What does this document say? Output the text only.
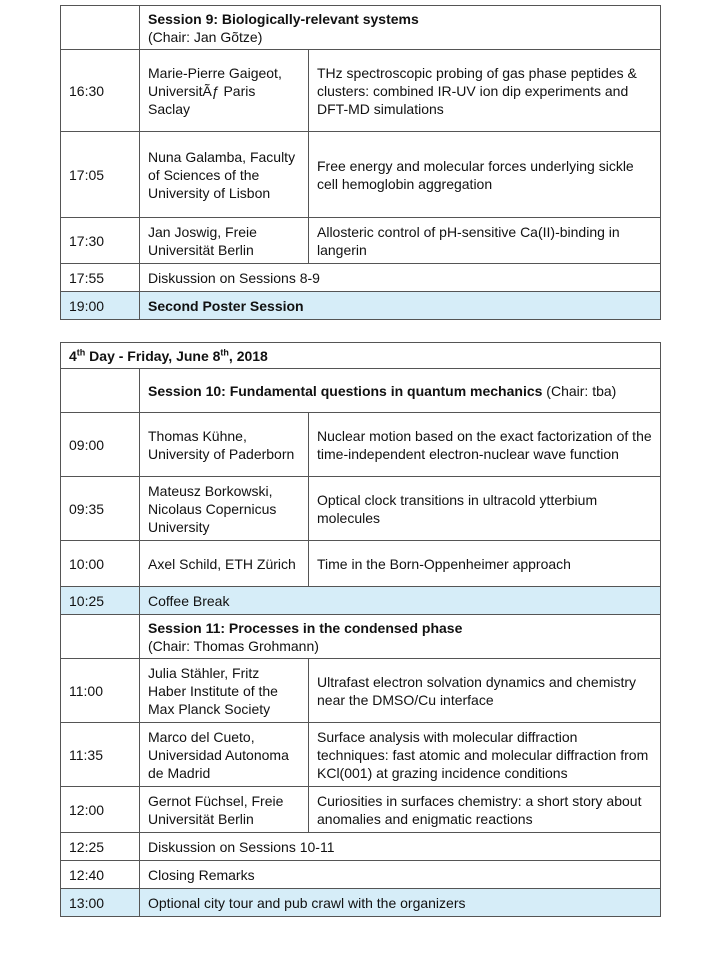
	Session 9: Biologically-relevant systems
(Chair: Jan Gõtze)	

16:30	Marie-Pierre Gaigeot, UniversitÃƒ Paris Saclay	THz spectroscopic probing of gas phase peptides & clusters: combined IR-UV ion dip experiments and DFT-MD simulations
17:05	Nuna Galamba, Faculty of Sciences of the University of Lisbon	Free energy and molecular forces underlying sickle cell hemoglobin aggregation
17:30	Jan Joswig, Freie Universität Berlin	Allosteric control of pH-sensitive Ca(II)-binding in langerin
17:55	Diskussion on Sessions 8-9	
19:00	Second Poster Session	
4th Day - Friday, June 8th, 2018		
	Session 10: Fundamental questions in quantum mechanics (Chair: tba)	
09:00	Thomas Kühne, University of Paderborn	Nuclear motion based on the exact factorization of the time-independent electron-nuclear wave function
09:35	Mateusz Borkowski, Nicolaus Copernicus University	Optical clock transitions in ultracold ytterbium molecules
10:00	Axel Schild, ETH Zürich	Time in the Born-Oppenheimer approach
10:25	Coffee Break	
	Session 11: Processes in the condensed phase
(Chair: Thomas Grohmann)	

11:00	Julia Stähler, Fritz Haber Institute of the Max Planck Society	Ultrafast electron solvation dynamics and chemistry near the DMSO/Cu interface
11:35	Marco del Cueto, Universidad Autonoma de Madrid	Surface analysis with molecular diffraction techniques: fast atomic and molecular diffraction from KCl(001) at grazing incidence conditions
12:00	Gernot Füchsel, Freie Universität Berlin	Curiosities in surfaces chemistry: a short story about anomalies and enigmatic reactions
12:25	Diskussion on Sessions 10-11	
12:40	Closing Remarks	
13:00	Optional city tour and pub crawl with the organizers	
